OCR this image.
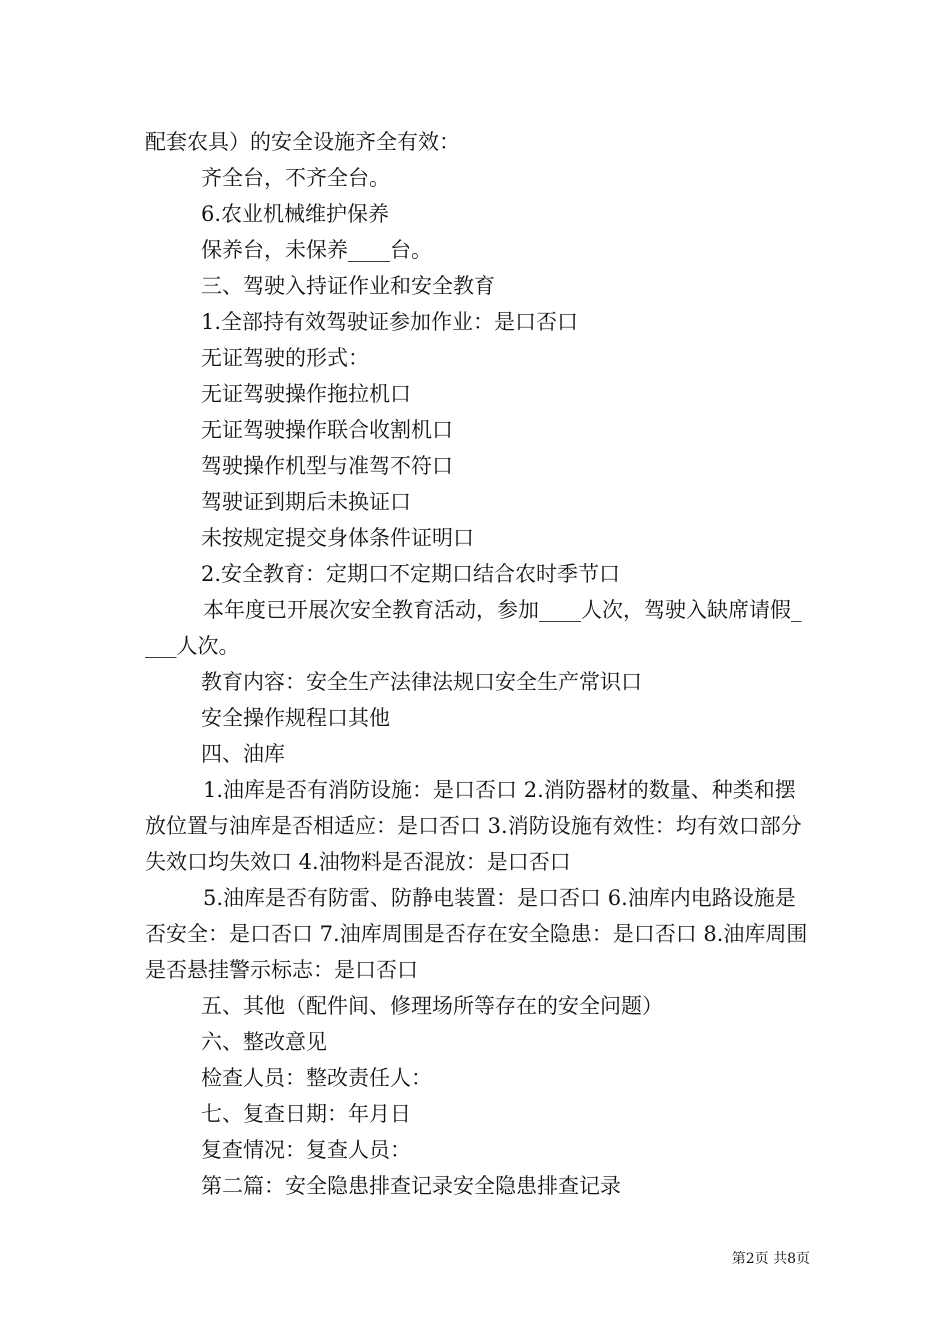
配套农具）的安全设施齐全有效：
齐全台，不齐全台。
6.农业机械维护保养
保养台，未保养____台。
三、驾驶入持证作业和安全教育
1.全部持有效驾驶证参加作业：是口否口
无证驾驶的形式：
无证驾驶操作拖拉机口
无证驾驶操作联合收割机口
驾驶操作机型与准驾不符口
驾驶证到期后未换证口
未按规定提交身体条件证明口
2.安全教育：定期口不定期口结合农时季节口
本年度已开展次安全教育活动，参加____人次，驾驶入缺席请假____人次。
教育内容：安全生产法律法规口安全生产常识口
安全操作规程口其他
四、油库
1.油库是否有消防设施：是口否口 2.消防器材的数量、种类和摆放位置与油库是否相适应：是口否口 3.消防设施有效性：均有效口部分失效口均失效口 4.油物料是否混放：是口否口
5.油库是否有防雷、防静电装置：是口否口 6.油库内电路设施是否安全：是口否口 7.油库周围是否存在安全隐患：是口否口 8.油库周围是否悬挂警示标志：是口否口
五、其他（配件间、修理场所等存在的安全问题）
六、整改意见
检查人员：整改责任人：
七、复查日期：年月日
复查情况：复查人员：
第二篇：安全隐患排查记录安全隐患排查记录
第2页 共8页
